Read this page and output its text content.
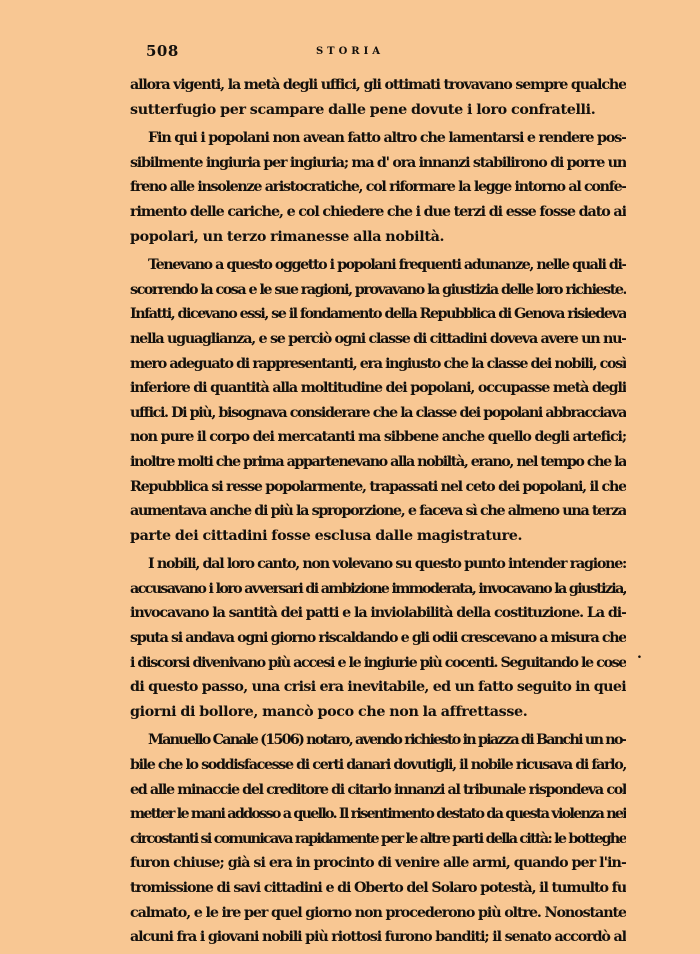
508	STORIA
allora vigenti, la metà degli uffici, gli ottimati trovavano sempre qualche
sutterfugio per scampare dalle pene dovute i loro confratelli.
Fin qui i popolani non avean fatto altro che lamentarsi e rendere pos-
sibilmente ingiuria per ingiuria; ma d' ora innanzi stabilirono di porre un
freno alle insolenze aristocratiche, col riformare la legge intorno al confe-
rimento delle cariche, e col chiedere che i due terzi di esse fosse dato ai
popolari, un terzo rimanesse alla nobiltà.
Tenevano a questo oggetto i popolani frequenti adunanze, nelle quali di-
scorrendo la cosa e le sue ragioni, provavano la giustizia delle loro richieste.
Infatti, dicevano essi, se il fondamento della Repubblica di Genova risiedeva
nella uguaglianza, e se perciò ogni classe di cittadini doveva avere un nu-
mero adeguato di rappresentanti, era ingiusto che la classe dei nobili, così
inferiore di quantità alla moltitudine dei popolani, occupasse metà degli
uffici. Di più, bisognava considerare che la classe dei popolani abbracciava
non pure il corpo dei mercatanti ma sibbene anche quello degli artefici;
inoltre molti che prima appartenevano alla nobiltà, erano, nel tempo che la
Repubblica si resse popolarmente, trapassati nel ceto dei popolani, il che
aumentava anche di più la sproporzione, e faceva sì che almeno una terza
parte dei cittadini fosse esclusa dalle magistrature.
I nobili, dal loro canto, non volevano su questo punto intender ragione:
accusavano i loro avversari di ambizione immoderata, invocavano la giustizia,
invocavano la santità dei patti e la inviolabilità della costituzione. La di-
sputa si andava ogni giorno riscaldando e gli odii crescevano a misura che
i discorsi divenivano più accesi e le ingiurie più cocenti. Seguitando le cose
di questo passo, una crisi era inevitabile, ed un fatto seguito in quei
giorni di bollore, mancò poco che non la affrettasse.
Manuello Canale (1506) notaro, avendo richiesto in piazza di Banchi un no-
bile che lo soddisfacesse di certi danari dovutigli, il nobile ricusava di farlo,
ed alle minaccie del creditore di citarlo innanzi al tribunale rispondeva col
metter le mani addosso a quello. Il risentimento destato da questa violenza nei
circostanti si comunicava rapidamente per le altre parti della città: le botteghe
furon chiuse; già si era in procinto di venire alle armi, quando per l'in-
tromissione di savi cittadini e di Oberto del Solaro potestà, il tumulto fu
calmato, e le ire per quel giorno non procederono più oltre. Nonostante
alcuni fra i giovani nobili più riottosi furono banditi; il senato accordò al
.
